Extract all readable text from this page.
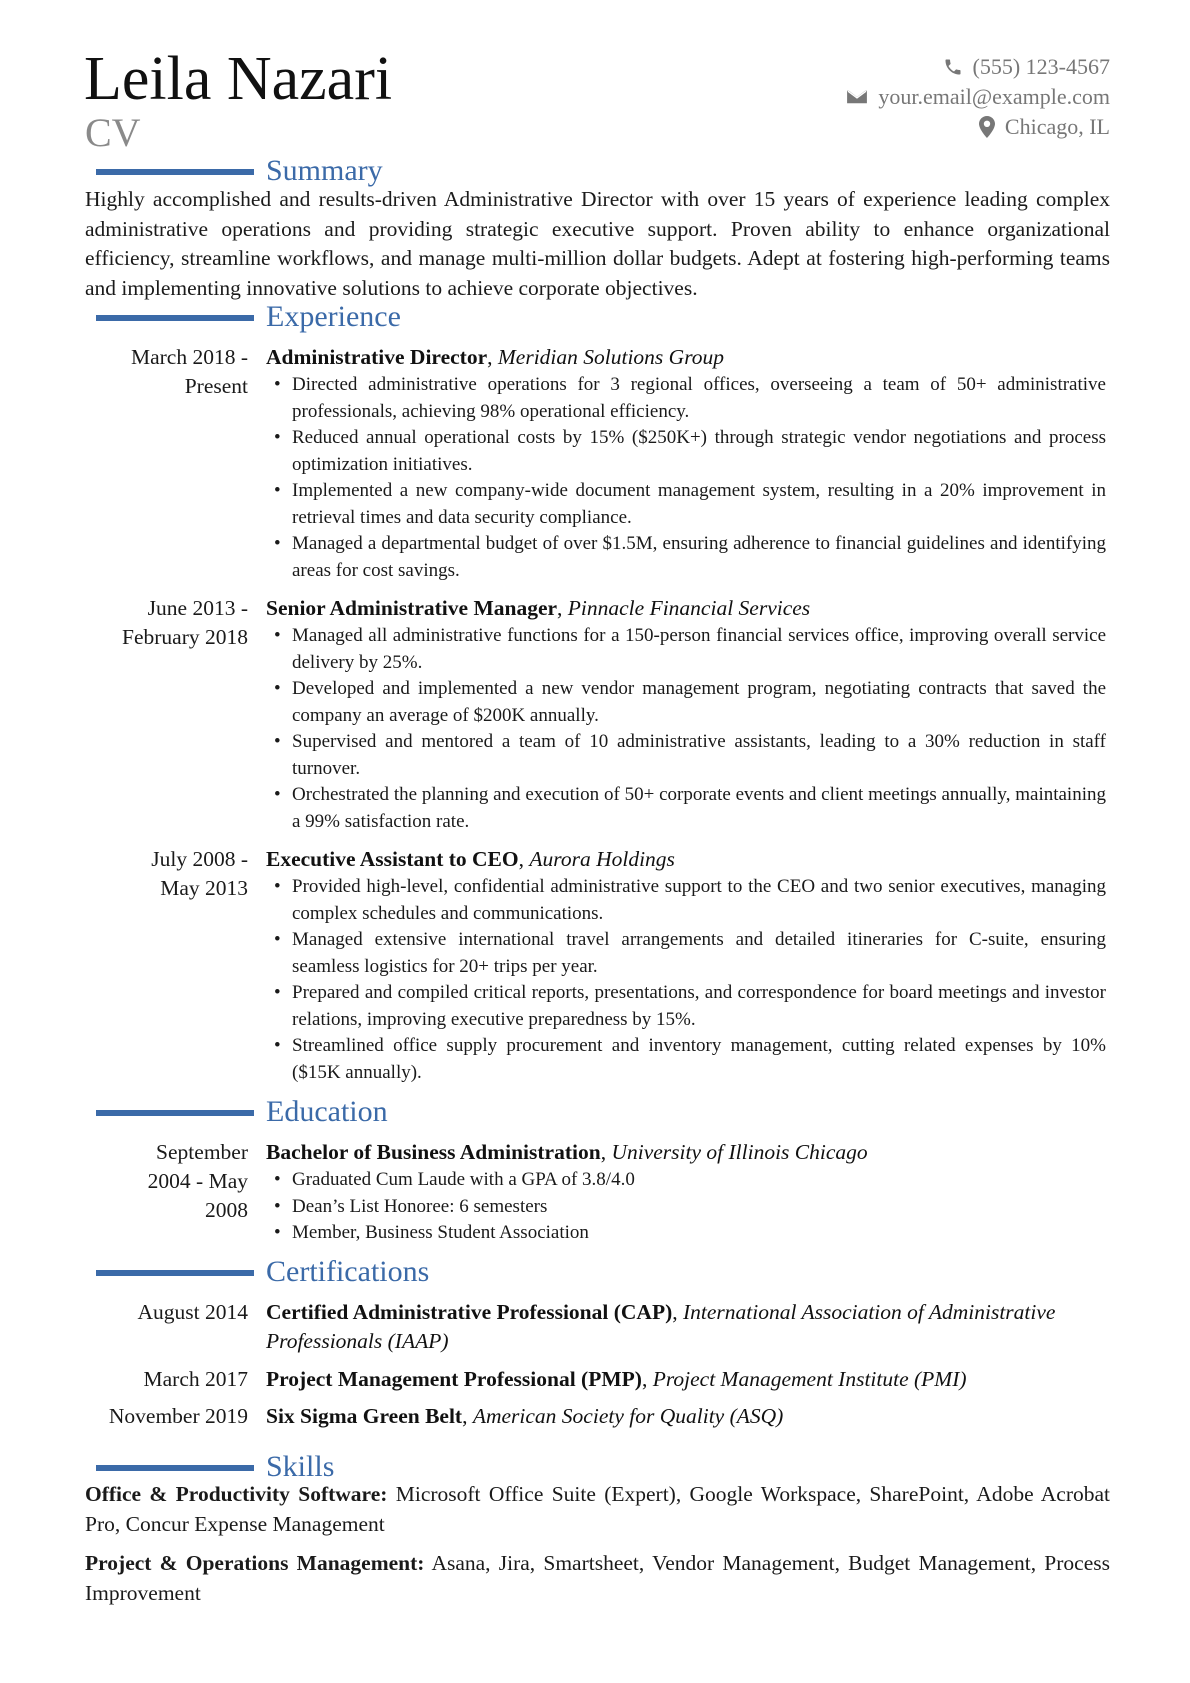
Leila Nazari
CV
(555) 123-4567
your.email@example.com
Chicago, IL
Summary
Highly accomplished and results-driven Administrative Director with over 15 years of experience leading complex administrative operations and providing strategic executive support. Proven ability to enhance organizational efficiency, streamline workflows, and manage multi-million dollar budgets. Adept at fostering high-performing teams and implementing innovative solutions to achieve corporate objectives.
Experience
March 2018 -
Present
Administrative Director, Meridian Solutions Group
• Directed administrative operations for 3 regional offices, overseeing a team of 50+ administrative professionals, achieving 98% operational efficiency.
• Reduced annual operational costs by 15% ($250K+) through strategic vendor negotiations and process optimization initiatives.
• Implemented a new company-wide document management system, resulting in a 20% improvement in retrieval times and data security compliance.
• Managed a departmental budget of over $1.5M, ensuring adherence to financial guidelines and identifying areas for cost savings.
June 2013 -
February 2018
Senior Administrative Manager, Pinnacle Financial Services
• Managed all administrative functions for a 150-person financial services office, improving overall service delivery by 25%.
• Developed and implemented a new vendor management program, negotiating contracts that saved the company an average of $200K annually.
• Supervised and mentored a team of 10 administrative assistants, leading to a 30% reduction in staff turnover.
• Orchestrated the planning and execution of 50+ corporate events and client meetings annually, maintaining a 99% satisfaction rate.
July 2008 -
May 2013
Executive Assistant to CEO, Aurora Holdings
• Provided high-level, confidential administrative support to the CEO and two senior executives, managing complex schedules and communications.
• Managed extensive international travel arrangements and detailed itineraries for C-suite, ensuring seamless logistics for 20+ trips per year.
• Prepared and compiled critical reports, presentations, and correspondence for board meetings and investor relations, improving executive preparedness by 15%.
• Streamlined office supply procurement and inventory management, cutting related expenses by 10% ($15K annually).
Education
September
2004 - May
2008
Bachelor of Business Administration, University of Illinois Chicago
• Graduated Cum Laude with a GPA of 3.8/4.0
• Dean’s List Honoree: 6 semesters
• Member, Business Student Association
Certifications
August 2014 Certified Administrative Professional (CAP), International Association of Administrative Professionals (IAAP)
March 2017 Project Management Professional (PMP), Project Management Institute (PMI)
November 2019 Six Sigma Green Belt, American Society for Quality (ASQ)
Skills
Office & Productivity Software: Microsoft Office Suite (Expert), Google Workspace, SharePoint, Adobe Acrobat Pro, Concur Expense Management
Project & Operations Management: Asana, Jira, Smartsheet, Vendor Management, Budget Management, Process Improvement
